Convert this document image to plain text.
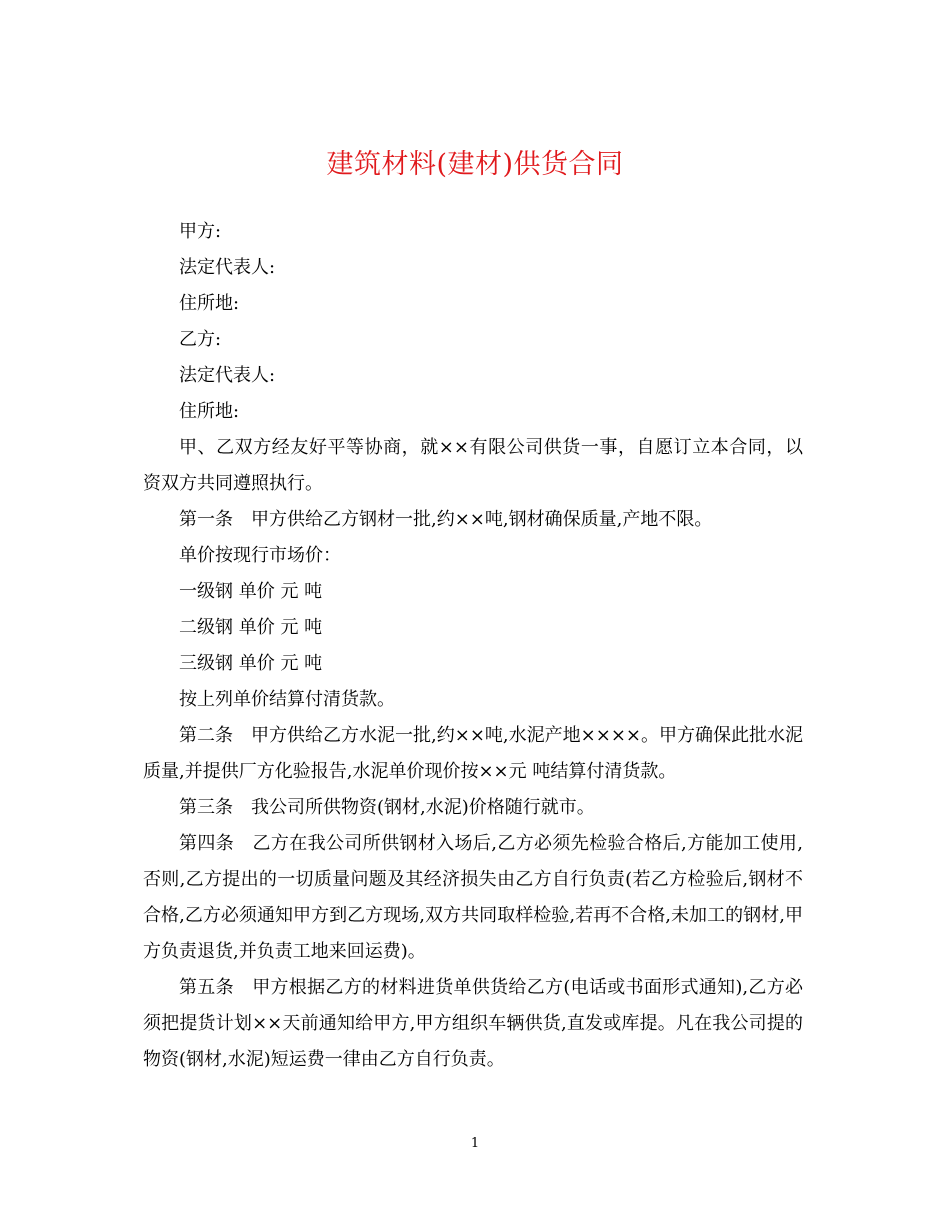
建筑材料(建材)供货合同

甲方:

法定代表人:

住所地:

乙方:

法定代表人:

住所地:

甲、乙双方经友好平等协商，就××有限公司供货一事，自愿订立本合同，以资双方共同遵照执行。

第一条 甲方供给乙方钢材一批,约××吨,钢材确保质量,产地不限。

单价按现行市场价：

一级钢 单价 元 吨

二级钢 单价 元 吨

三级钢 单价 元 吨

按上列单价结算付清货款。

第二条 甲方供给乙方水泥一批,约××吨,水泥产地××××。甲方确保此批水泥质量,并提供厂方化验报告,水泥单价现价按××元 吨结算付清货款。

第三条 我公司所供物资(钢材,水泥)价格随行就市。

第四条 乙方在我公司所供钢材入场后,乙方必须先检验合格后,方能加工使用,否则,乙方提出的一切质量问题及其经济损失由乙方自行负责(若乙方检验后,钢材不合格,乙方必须通知甲方到乙方现场,双方共同取样检验,若再不合格,未加工的钢材,甲方负责退货,并负责工地来回运费)。

第五条 甲方根据乙方的材料进货单供货给乙方(电话或书面形式通知),乙方必须把提货计划××天前通知给甲方,甲方组织车辆供货,直发或库提。凡在我公司提的物资(钢材,水泥)短运费一律由乙方自行负责。

1
